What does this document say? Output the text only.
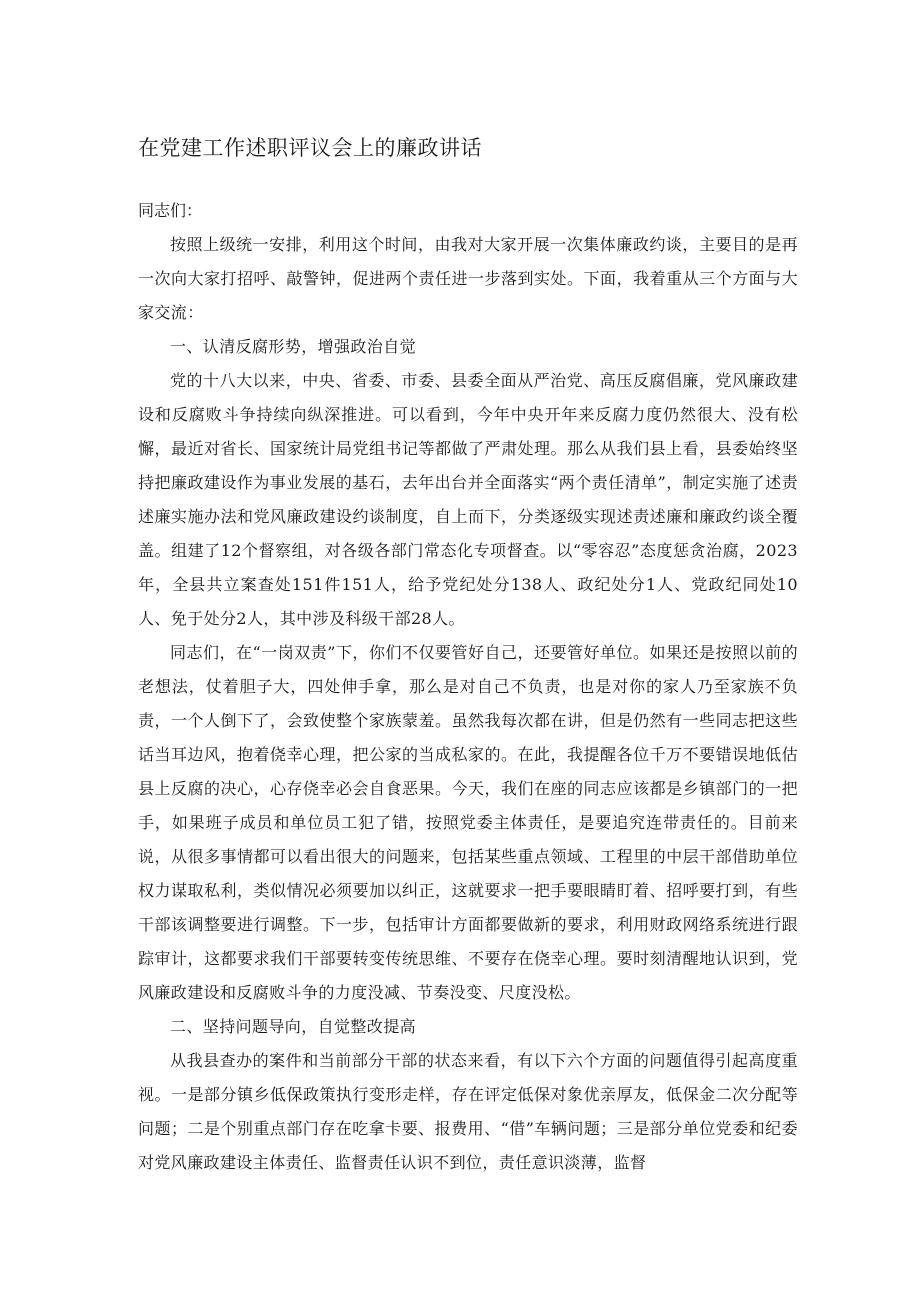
在党建工作述职评议会上的廉政讲话

同志们：

按照上级统一安排，利用这个时间，由我对大家开展一次集体廉政约谈，主要目的是再一次向大家打招呼、敲警钟，促进两个责任进一步落到实处。下面，我着重从三个方面与大家交流：

一、认清反腐形势，增强政治自觉

党的十八大以来，中央、省委、市委、县委全面从严治党、高压反腐倡廉，党风廉政建设和反腐败斗争持续向纵深推进。可以看到，今年中央开年来反腐力度仍然很大、没有松懈，最近对省长、国家统计局党组书记等都做了严肃处理。那么从我们县上看，县委始终坚持把廉政建设作为事业发展的基石，去年出台并全面落实“两个责任清单”，制定实施了述责述廉实施办法和党风廉政建设约谈制度，自上而下，分类逐级实现述责述廉和廉政约谈全覆盖。组建了12个督察组，对各级各部门常态化专项督查。以“零容忍”态度惩贪治腐，2023年，全县共立案查处151件151人，给予党纪处分138人、政纪处分1人、党政纪同处10人、免于处分2人，其中涉及科级干部28人。

同志们，在“一岗双责”下，你们不仅要管好自己，还要管好单位。如果还是按照以前的老想法，仗着胆子大，四处伸手拿，那么是对自己不负责，也是对你的家人乃至家族不负责，一个人倒下了，会致使整个家族蒙羞。虽然我每次都在讲，但是仍然有一些同志把这些话当耳边风，抱着侥幸心理，把公家的当成私家的。在此，我提醒各位千万不要错误地低估县上反腐的决心，心存侥幸必会自食恶果。今天，我们在座的同志应该都是乡镇部门的一把手，如果班子成员和单位员工犯了错，按照党委主体责任，是要追究连带责任的。目前来说，从很多事情都可以看出很大的问题来，包括某些重点领域、工程里的中层干部借助单位权力谋取私利，类似情况必须要加以纠正，这就要求一把手要眼睛盯着、招呼要打到，有些干部该调整要进行调整。下一步，包括审计方面都要做新的要求，利用财政网络系统进行跟踪审计，这都要求我们干部要转变传统思维、不要存在侥幸心理。要时刻清醒地认识到，党风廉政建设和反腐败斗争的力度没减、节奏没变、尺度没松。

二、坚持问题导向，自觉整改提高

从我县查办的案件和当前部分干部的状态来看，有以下六个方面的问题值得引起高度重视。一是部分镇乡低保政策执行变形走样，存在评定低保对象优亲厚友，低保金二次分配等问题；二是个别重点部门存在吃拿卡要、报费用、“借”车辆问题；三是部分单位党委和纪委对党风廉政建设主体责任、监督责任认识不到位，责任意识淡薄，监督
